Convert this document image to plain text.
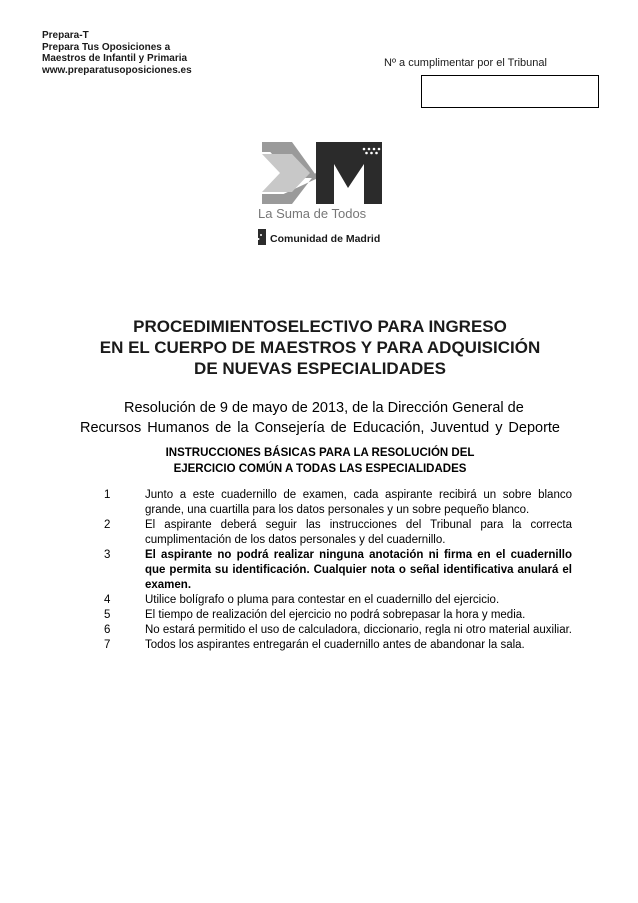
Prepara-T
Prepara Tus Oposiciones a
Maestros de Infantil y Primaria
www.preparatusoposiciones.es
Nº a cumplimentar por el Tribunal
La Suma de Todos
Comunidad de Madrid
PROCEDIMIENTOSELECTIVO PARA INGRESO
EN EL CUERPO DE MAESTROS Y PARA ADQUISICIÓN
DE NUEVAS ESPECIALIDADES
Resolución de 9 de mayo de 2013, de la Dirección General de
Recursos Humanos de la Consejería de Educación, Juventud y Deporte
INSTRUCCIONES BÁSICAS PARA LA RESOLUCIÓN DEL
EJERCICIO COMÚN A TODAS LAS ESPECIALIDADES
1	Junto a este cuadernillo de examen, cada aspirante recibirá un sobre blanco grande, una cuartilla para los datos personales y un sobre pequeño blanco.
2	El aspirante deberá seguir las instrucciones del Tribunal para la correcta cumplimentación de los datos personales y del cuadernillo.
3	El aspirante no podrá realizar ninguna anotación ni firma en el cuadernillo que permita su identificación. Cualquier nota o señal identificativa anulará el examen.
4	Utilice bolígrafo o pluma para contestar en el cuadernillo del ejercicio.
5	El tiempo de realización del ejercicio no podrá sobrepasar la hora y media.
6	No estará permitido el uso de calculadora, diccionario, regla ni otro material auxiliar.
7	Todos los aspirantes entregarán el cuadernillo antes de abandonar la sala.
